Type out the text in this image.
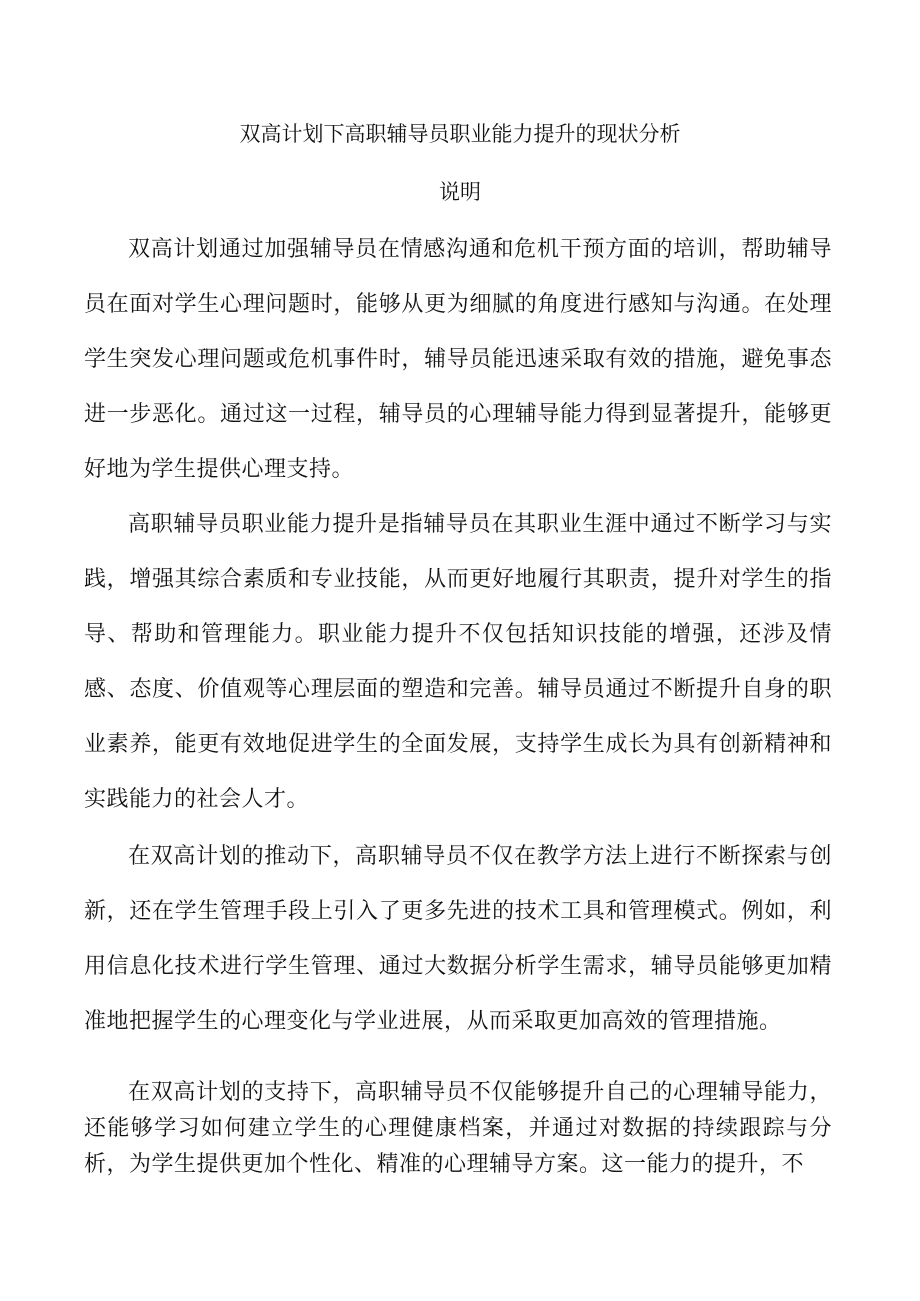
双高计划下高职辅导员职业能力提升的现状分析
说明

双高计划通过加强辅导员在情感沟通和危机干预方面的培训，帮助辅导员在面对学生心理问题时，能够从更为细腻的角度进行感知与沟通。在处理学生突发心理问题或危机事件时，辅导员能迅速采取有效的措施，避免事态进一步恶化。通过这一过程，辅导员的心理辅导能力得到显著提升，能够更好地为学生提供心理支持。

高职辅导员职业能力提升是指辅导员在其职业生涯中通过不断学习与实践，增强其综合素质和专业技能，从而更好地履行其职责，提升对学生的指导、帮助和管理能力。职业能力提升不仅包括知识技能的增强，还涉及情感、态度、价值观等心理层面的塑造和完善。辅导员通过不断提升自身的职业素养，能更有效地促进学生的全面发展，支持学生成长为具有创新精神和实践能力的社会人才。

在双高计划的推动下，高职辅导员不仅在教学方法上进行不断探索与创新，还在学生管理手段上引入了更多先进的技术工具和管理模式。例如，利用信息化技术进行学生管理、通过大数据分析学生需求，辅导员能够更加精准地把握学生的心理变化与学业进展，从而采取更加高效的管理措施。

在双高计划的支持下，高职辅导员不仅能够提升自己的心理辅导能力，还能够学习如何建立学生的心理健康档案，并通过对数据的持续跟踪与分析，为学生提供更加个性化、精准的心理辅导方案。这一能力的提升，不
